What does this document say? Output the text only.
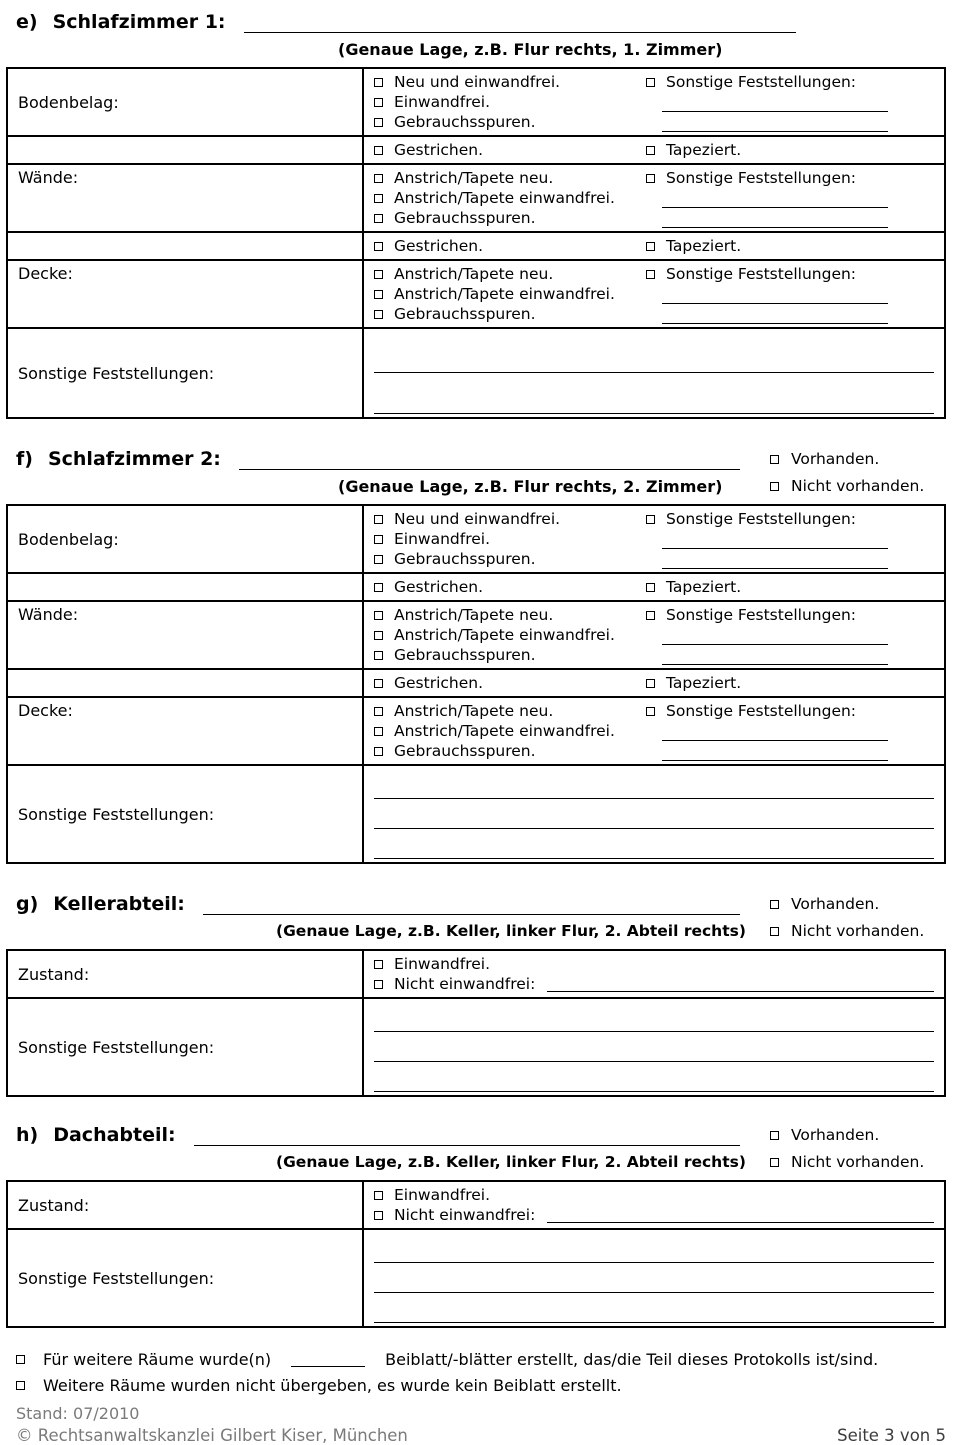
e) Schlafzimmer 1:
(Genaue Lage, z.B. Flur rechts, 1. Zimmer)
Bodenbelag:
Neu und einwandfrei.
Einwandfrei.
Gebrauchsspuren.
Sonstige Feststellungen:
Gestrichen.	Tapeziert.
Wände:	Anstrich/Tapete neu.
Anstrich/Tapete einwandfrei.
Gebrauchsspuren.
Sonstige Feststellungen:
Gestrichen.	Tapeziert.
Decke:	Anstrich/Tapete neu.
Anstrich/Tapete einwandfrei.
Gebrauchsspuren.
Sonstige Feststellungen:
Sonstige Feststellungen:
f) Schlafzimmer 2:	Vorhanden.
(Genaue Lage, z.B. Flur rechts, 2. Zimmer)	Nicht vorhanden.
Bodenbelag:
Neu und einwandfrei.
Einwandfrei.
Gebrauchsspuren.
Sonstige Feststellungen:
Gestrichen.	Tapeziert.
Wände:	Anstrich/Tapete neu.
Anstrich/Tapete einwandfrei.
Gebrauchsspuren.
Sonstige Feststellungen:
Gestrichen.	Tapeziert.
Decke:	Anstrich/Tapete neu.
Anstrich/Tapete einwandfrei.
Gebrauchsspuren.
Sonstige Feststellungen:
Sonstige Feststellungen:
g) Kellerabteil:	Vorhanden.
(Genaue Lage, z.B. Keller, linker Flur, 2. Abteil rechts)	Nicht vorhanden.
Zustand:
Einwandfrei.
Nicht einwandfrei:
Sonstige Feststellungen:
h) Dachabteil:	Vorhanden.
(Genaue Lage, z.B. Keller, linker Flur, 2. Abteil rechts)	Nicht vorhanden.
Zustand:
Einwandfrei.
Nicht einwandfrei:
Sonstige Feststellungen:
Für weitere Räume wurde(n)	Beiblatt/-blätter erstellt, das/die Teil dieses Protokolls ist/sind.
Weitere Räume wurden nicht übergeben, es wurde kein Beiblatt erstellt.
Stand: 07/2010
© Rechtsanwaltskanzlei Gilbert Kiser, München	Seite 3 von 5
